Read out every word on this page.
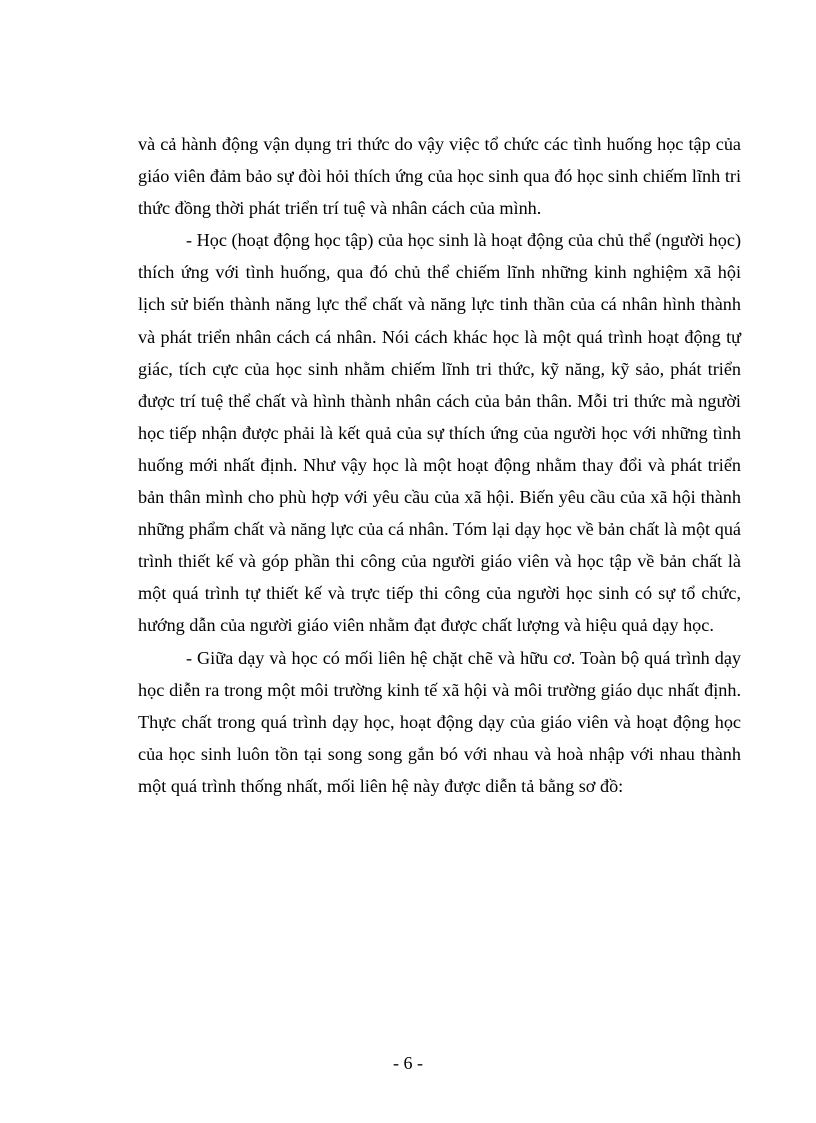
và cả hành động vận dụng tri thức do vậy việc tổ chức các tình huống học tập của giáo viên đảm bảo sự đòi hỏi thích ứng của học sinh qua đó học sinh chiếm lĩnh tri thức đồng thời phát triển trí tuệ và nhân cách của mình.

- Học (hoạt động học tập) của học sinh là hoạt động của chủ thể (người học) thích ứng với tình huống, qua đó chủ thể chiếm lĩnh những kinh nghiệm xã hội lịch sử biến thành năng lực thể chất và năng lực tinh thần của cá nhân hình thành và phát triển nhân cách cá nhân. Nói cách khác học là một quá trình hoạt động tự giác, tích cực của học sinh nhằm chiếm lĩnh tri thức, kỹ năng, kỹ sảo, phát triển được trí tuệ thể chất và hình thành nhân cách của bản thân. Mỗi tri thức mà người học tiếp nhận được phải là kết quả của sự thích ứng của người học với những tình huống mới nhất định. Như vậy học là một hoạt động nhằm thay đổi và phát triển bản thân mình cho phù hợp với yêu cầu của xã hội. Biến yêu cầu của xã hội thành những phẩm chất và năng lực của cá nhân. Tóm lại dạy học về bản chất là một quá trình thiết kế và góp phần thi công của người giáo viên và học tập về bản chất là một quá trình tự thiết kế và trực tiếp thi công của người học sinh có sự tổ chức, hướng dẫn của người giáo viên nhằm đạt được chất lượng và hiệu quả dạy học.

- Giữa dạy và học có mối liên hệ chặt chẽ và hữu cơ. Toàn bộ quá trình dạy học diễn ra trong một môi trường kinh tế xã hội và môi trường giáo dục nhất định. Thực chất trong quá trình dạy học, hoạt động dạy của giáo viên và hoạt động học của học sinh luôn tồn tại song song gắn bó với nhau và hoà nhập với nhau thành một quá trình thống nhất, mối liên hệ này được diễn tả bằng sơ đồ:

- 6 -
